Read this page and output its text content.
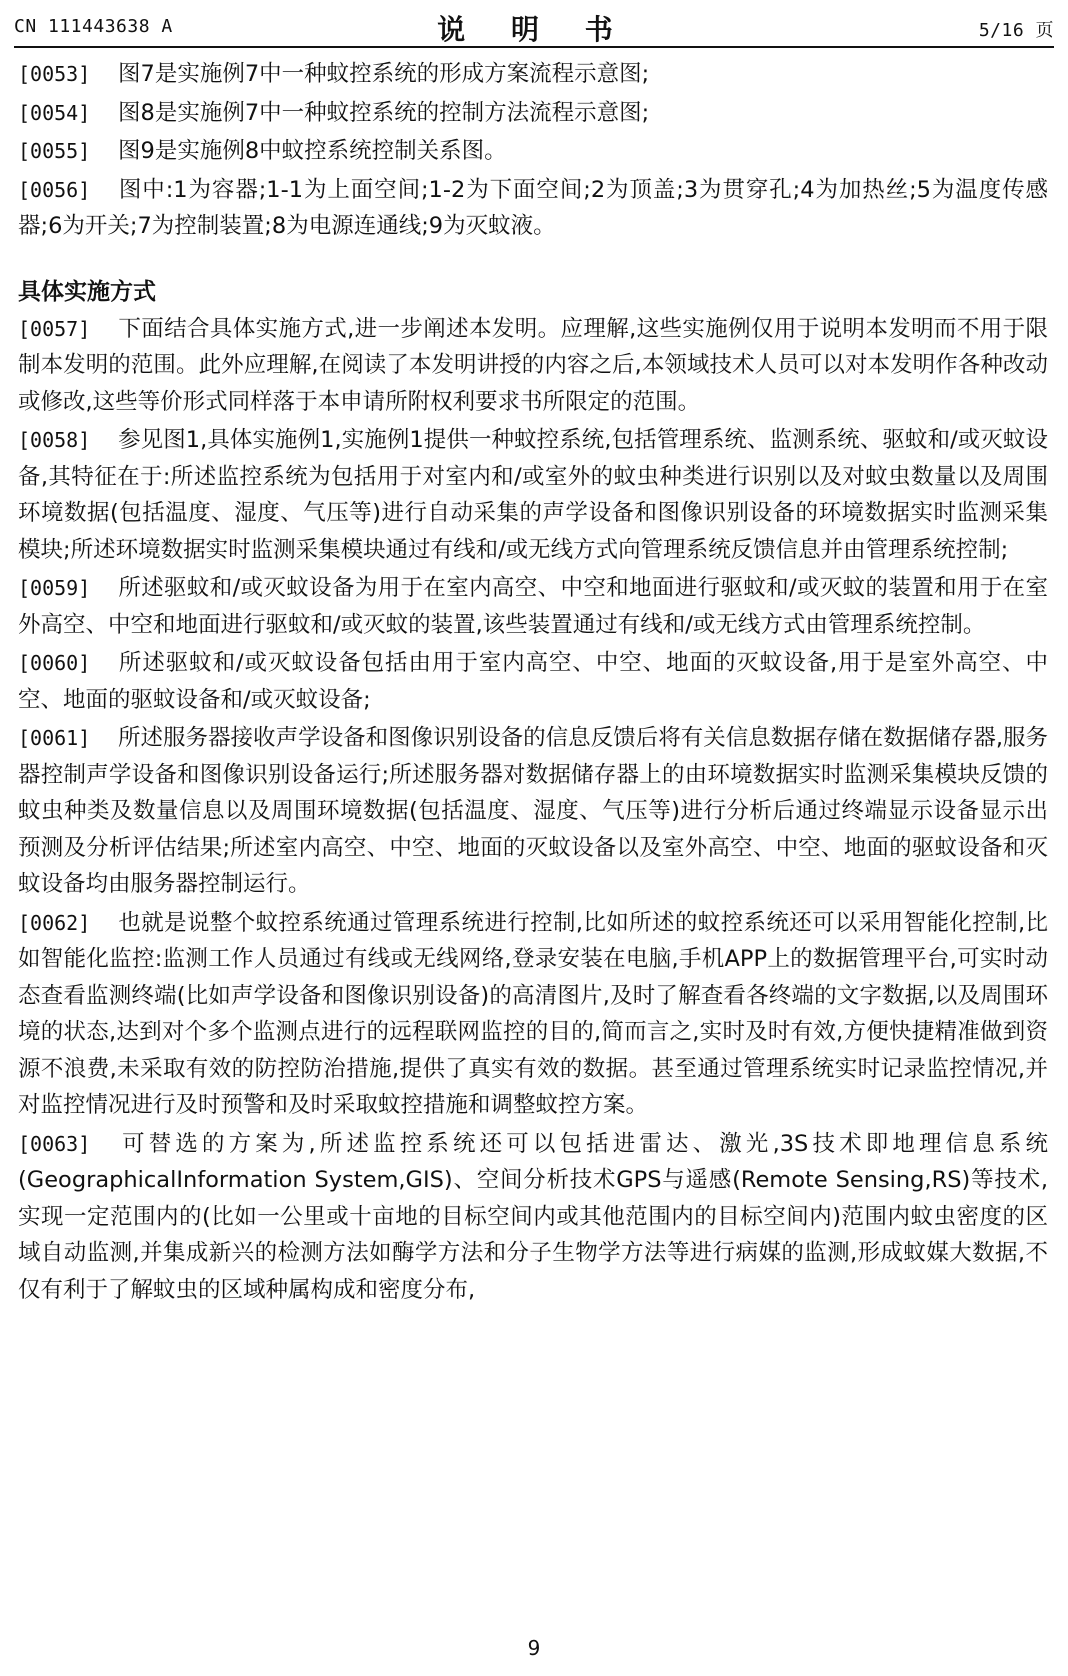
CN 111443638 A	说 明 书	5/16 页
[0053] 图7是实施例7中一种蚊控系统的形成方案流程示意图;
[0054] 图8是实施例7中一种蚊控系统的控制方法流程示意图;
[0055] 图9是实施例8中蚊控系统控制关系图。
[0056] 图中:1为容器;1-1为上面空间;1-2为下面空间;2为顶盖;3为贯穿孔;4为加热丝;5为温度传感器;6为开关;7为控制装置;8为电源连通线;9为灭蚊液。
具体实施方式
[0057] 下面结合具体实施方式,进一步阐述本发明。应理解,这些实施例仅用于说明本发明而不用于限制本发明的范围。此外应理解,在阅读了本发明讲授的内容之后,本领域技术人员可以对本发明作各种改动或修改,这些等价形式同样落于本申请所附权利要求书所限定的范围。
[0058] 参见图1,具体实施例1,实施例1提供一种蚊控系统,包括管理系统、监测系统、驱蚊和/或灭蚊设备,其特征在于:所述监控系统为包括用于对室内和/或室外的蚊虫种类进行识别以及对蚊虫数量以及周围环境数据(包括温度、湿度、气压等)进行自动采集的声学设备和图像识别设备的环境数据实时监测采集模块;所述环境数据实时监测采集模块通过有线和/或无线方式向管理系统反馈信息并由管理系统控制;
[0059] 所述驱蚊和/或灭蚊设备为用于在室内高空、中空和地面进行驱蚊和/或灭蚊的装置和用于在室外高空、中空和地面进行驱蚊和/或灭蚊的装置,该些装置通过有线和/或无线方式由管理系统控制。
[0060] 所述驱蚊和/或灭蚊设备包括由用于室内高空、中空、地面的灭蚊设备,用于是室外高空、中空、地面的驱蚊设备和/或灭蚊设备;
[0061] 所述服务器接收声学设备和图像识别设备的信息反馈后将有关信息数据存储在数据储存器,服务器控制声学设备和图像识别设备运行;所述服务器对数据储存器上的由环境数据实时监测采集模块反馈的蚊虫种类及数量信息以及周围环境数据(包括温度、湿度、气压等)进行分析后通过终端显示设备显示出预测及分析评估结果;所述室内高空、中空、地面的灭蚊设备以及室外高空、中空、地面的驱蚊设备和灭蚊设备均由服务器控制运行。
[0062] 也就是说整个蚊控系统通过管理系统进行控制,比如所述的蚊控系统还可以采用智能化控制,比如智能化监控:监测工作人员通过有线或无线网络,登录安装在电脑,手机APP上的数据管理平台,可实时动态查看监测终端(比如声学设备和图像识别设备)的高清图片,及时了解查看各终端的文字数据,以及周围环境的状态,达到对个多个监测点进行的远程联网监控的目的,简而言之,实时及时有效,方便快捷精准做到资源不浪费,未采取有效的防控防治措施,提供了真实有效的数据。甚至通过管理系统实时记录监控情况,并对监控情况进行及时预警和及时采取蚊控措施和调整蚊控方案。
[0063] 可替选的方案为,所述监控系统还可以包括进雷达、激光,3S技术即地理信息系统(GeographicalInformation System,GIS)、空间分析技术GPS与遥感(Remote Sensing,RS)等技术,实现一定范围内的(比如一公里或十亩地的目标空间内或其他范围内的目标空间内)范围内蚊虫密度的区域自动监测,并集成新兴的检测方法如酶学方法和分子生物学方法等进行病媒的监测,形成蚊媒大数据,不仅有利于了解蚊虫的区域种属构成和密度分布,
9
